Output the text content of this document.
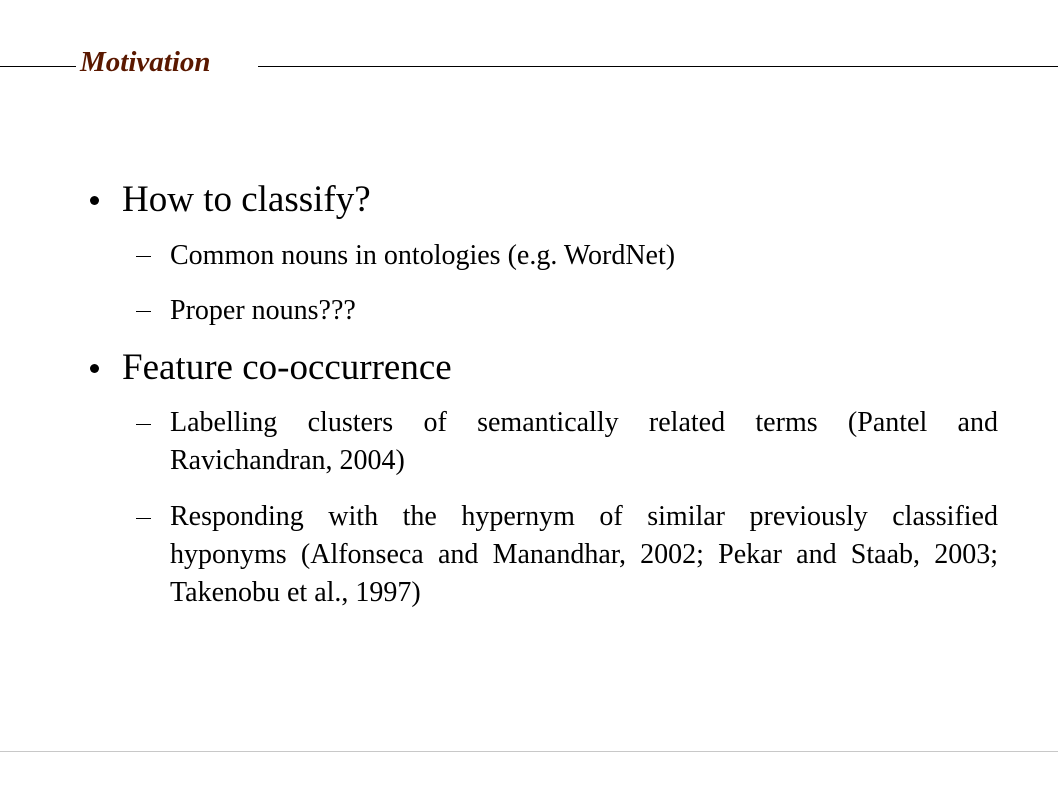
Motivation
How to classify?
Common nouns in ontologies (e.g. WordNet)
Proper nouns???
Feature co-occurrence
Labelling clusters of semantically related terms (Pantel and Ravichandran, 2004)
Responding with the hypernym of similar previously classified hyponyms (Alfonseca and Manandhar, 2002; Pekar and Staab, 2003; Takenobu et al., 1997)
